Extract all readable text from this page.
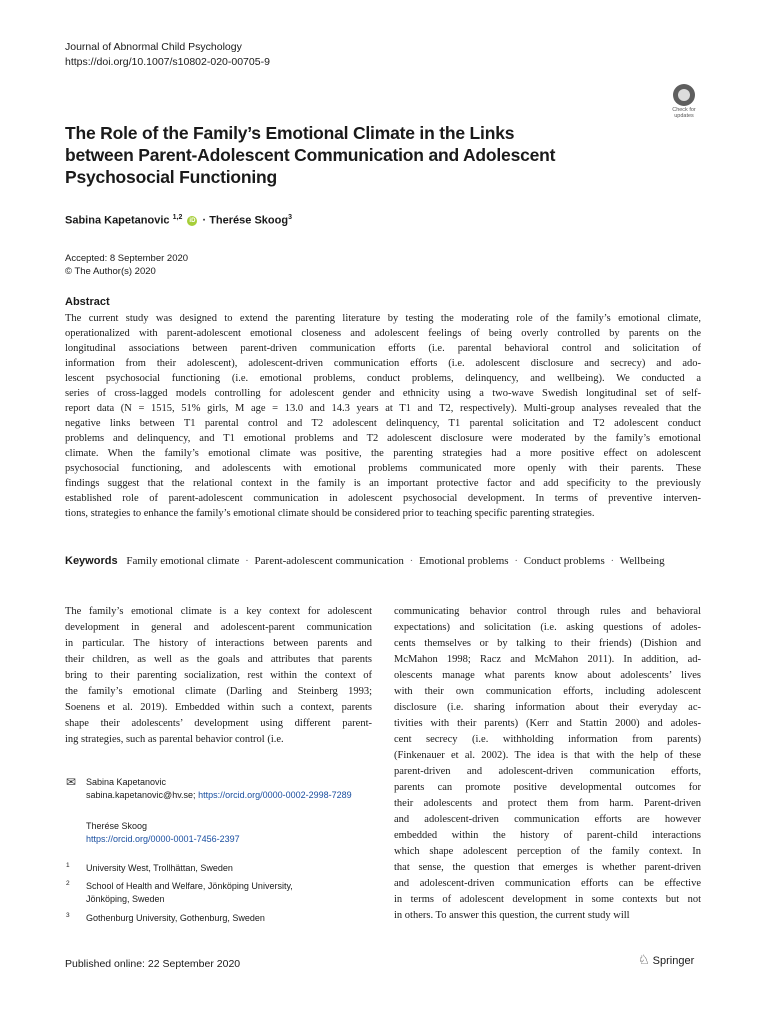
Journal of Abnormal Child Psychology
https://doi.org/10.1007/s10802-020-00705-9
Check for
updates
The Role of the Family’s Emotional Climate in the Links
between Parent-Adolescent Communication and Adolescent
Psychosocial Functioning
Sabina Kapetanovic $^{1,2}$ iD · Therése Skoog$^3$
Accepted: 8 September 2020
© The Author(s) 2020
Abstract
The current study was designed to extend the parenting literature by testing the moderating role of the family’s emotional climate,
operationalized with parent-adolescent emotional closeness and adolescent feelings of being overly controlled by parents on the
longitudinal associations between parent-driven communication efforts (i.e. parental behavioral control and solicitation of
information from their adolescent), adolescent-driven communication efforts (i.e. adolescent disclosure and secrecy) and ado-
lescent psychosocial functioning (i.e. emotional problems, conduct problems, delinquency, and wellbeing). We conducted a
series of cross-lagged models controlling for adolescent gender and ethnicity using a two-wave Swedish longitudinal set of self-
report data (N = 1515, 51% girls, M age = 13.0 and 14.3 years at T1 and T2, respectively). Multi-group analyses revealed that the
negative links between T1 parental control and T2 adolescent delinquency, T1 parental solicitation and T2 adolescent conduct
problems and delinquency, and T1 emotional problems and T2 adolescent disclosure were moderated by the family’s emotional
climate. When the family’s emotional climate was positive, the parenting strategies had a more positive effect on adolescent
psychosocial functioning, and adolescents with emotional problems communicated more openly with their parents. These
findings suggest that the relational context in the family is an important protective factor and add specificity to the previously
established role of parent-adolescent communication in adolescent psychosocial development. In terms of preventive interven-
tions, strategies to enhance the family’s emotional climate should be considered prior to teaching specific parenting strategies.
Keywords Family emotional climate · Parent-adolescent communication · Emotional problems · Conduct problems · Wellbeing
The family’s emotional climate is a key context for adolescent
development in general and adolescent-parent communication
in particular. The history of interactions between parents and
their children, as well as the goals and attributes that parents
bring to their parenting socialization, rest within the context of
the family’s emotional climate (Darling and Steinberg 1993;
Soenens et al. 2019). Embedded within such a context, parents
shape their adolescents’ development using different parent-
ing strategies, such as parental behavior control (i.e.
communicating behavior control through rules and behavioral
expectations) and solicitation (i.e. asking questions of adoles-
cents themselves or by talking to their friends) (Dishion and
McMahon 1998; Racz and McMahon 2011). In addition, ad-
olescents manage what parents know about adolescents’ lives
with their own communication efforts, including adolescent
disclosure (i.e. sharing information about their everyday ac-
tivities with their parents) (Kerr and Stattin 2000) and adoles-
cent secrecy (i.e. withholding information from parents)
(Finkenauer et al. 2002). The idea is that with the help of these
parent-driven and adolescent-driven communication efforts,
parents can promote positive developmental outcomes for
their adolescents and protect them from harm. Parent-driven
and adolescent-driven communication efforts are however
embedded within the history of parent-child interactions
which shape adolescent perception of the family context. In
that sense, the question that emerges is whether parent-driven
and adolescent-driven communication efforts can be effective
in terms of adolescent development in some contexts but not
in others. To answer this question, the current study will
✉ Sabina Kapetanovic
sabina.kapetanovic@hv.se; https://orcid.org/0000-0002-2998-7289
Therése Skoog
https://orcid.org/0000-0001-7456-2397
1 University West, Trollhättan, Sweden
2 School of Health and Welfare, Jönköping University,
Jönköping, Sweden
3 Gothenburg University, Gothenburg, Sweden
Published online: 22 September 2020	♘ Springer
